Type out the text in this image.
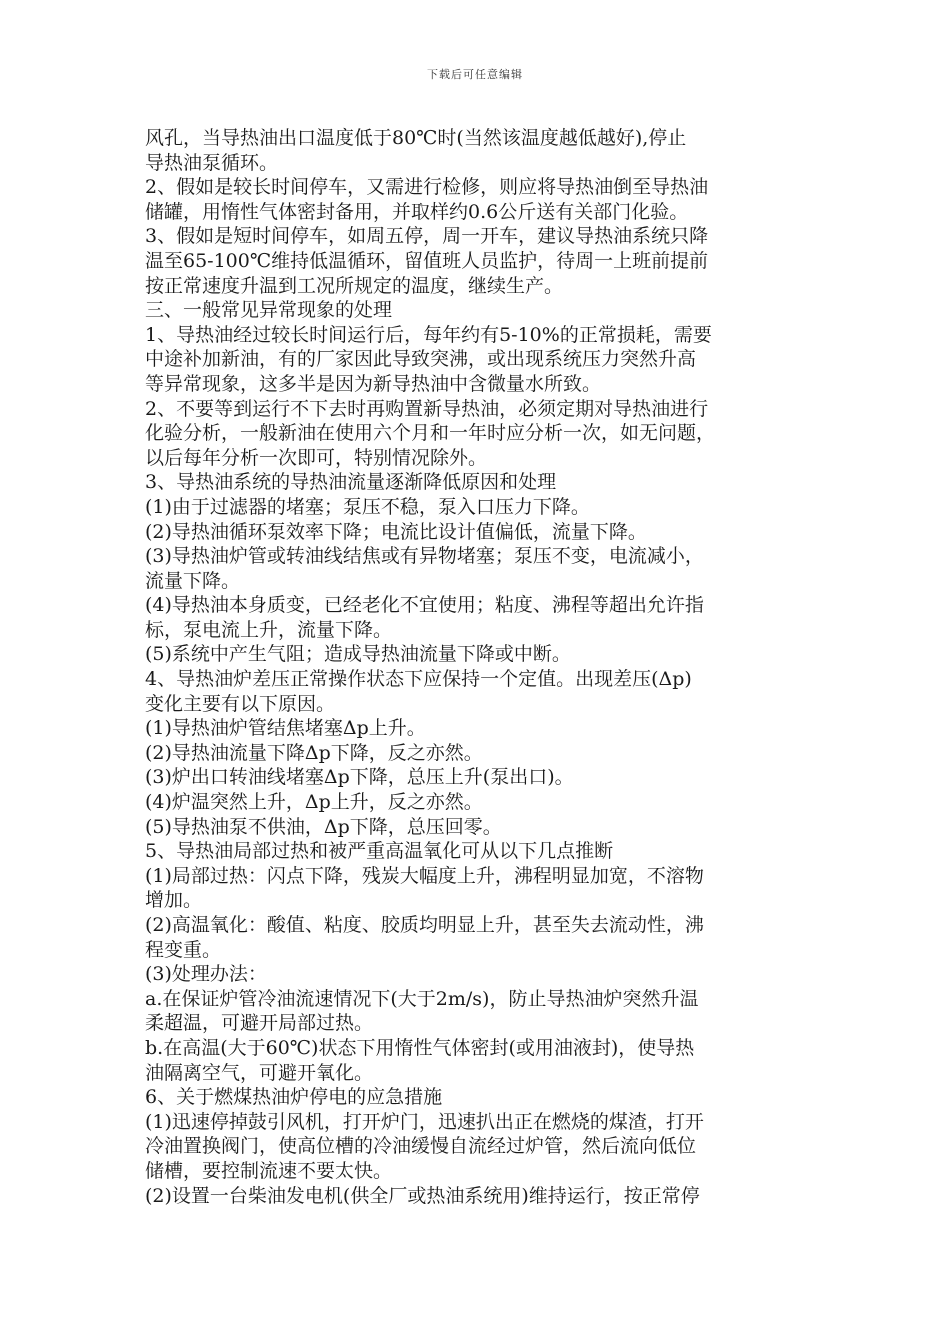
下载后可任意编辑
风孔，当导热油出口温度低于80℃时(当然该温度越低越好),停止
导热油泵循环。
2、假如是较长时间停车，又需进行检修，则应将导热油倒至导热油
储罐，用惰性气体密封备用，并取样约0.6公斤送有关部门化验。
3、假如是短时间停车，如周五停，周一开车，建议导热油系统只降
温至65-100℃维持低温循环，留值班人员监护，待周一上班前提前
按正常速度升温到工况所规定的温度，继续生产。
三、一般常见异常现象的处理
1、导热油经过较长时间运行后，每年约有5-10%的正常损耗，需要
中途补加新油，有的厂家因此导致突沸，或出现系统压力突然升高
等异常现象，这多半是因为新导热油中含微量水所致。
2、不要等到运行不下去时再购置新导热油，必须定期对导热油进行
化验分析，一般新油在使用六个月和一年时应分析一次，如无问题，
以后每年分析一次即可，特别情况除外。
3、导热油系统的导热油流量逐渐降低原因和处理
(1)由于过滤器的堵塞；泵压不稳，泵入口压力下降。
(2)导热油循环泵效率下降；电流比设计值偏低，流量下降。
(3)导热油炉管或转油线结焦或有异物堵塞；泵压不变，电流减小，
流量下降。
(4)导热油本身质变，已经老化不宜使用；粘度、沸程等超出允许指
标，泵电流上升，流量下降。
(5)系统中产生气阻；造成导热油流量下降或中断。
4、导热油炉差压正常操作状态下应保持一个定值。出现差压(Δp)
变化主要有以下原因。
(1)导热油炉管结焦堵塞Δp上升。
(2)导热油流量下降Δp下降，反之亦然。
(3)炉出口转油线堵塞Δp下降，总压上升(泵出口)。
(4)炉温突然上升，Δp上升，反之亦然。
(5)导热油泵不供油，Δp下降，总压回零。
5、导热油局部过热和被严重高温氧化可从以下几点推断
(1)局部过热：闪点下降，残炭大幅度上升，沸程明显加宽，不溶物
增加。
(2)高温氧化：酸值、粘度、胶质均明显上升，甚至失去流动性，沸
程变重。
(3)处理办法：
a.在保证炉管冷油流速情况下(大于2m/s)，防止导热油炉突然升温
柔超温，可避开局部过热。
b.在高温(大于60℃)状态下用惰性气体密封(或用油液封)，使导热
油隔离空气，可避开氧化。
6、关于燃煤热油炉停电的应急措施
(1)迅速停掉鼓引风机，打开炉门，迅速扒出正在燃烧的煤渣，打开
冷油置换阀门，使高位槽的冷油缓慢自流经过炉管，然后流向低位
储槽，要控制流速不要太快。
(2)设置一台柴油发电机(供全厂或热油系统用)维持运行，按正常停
